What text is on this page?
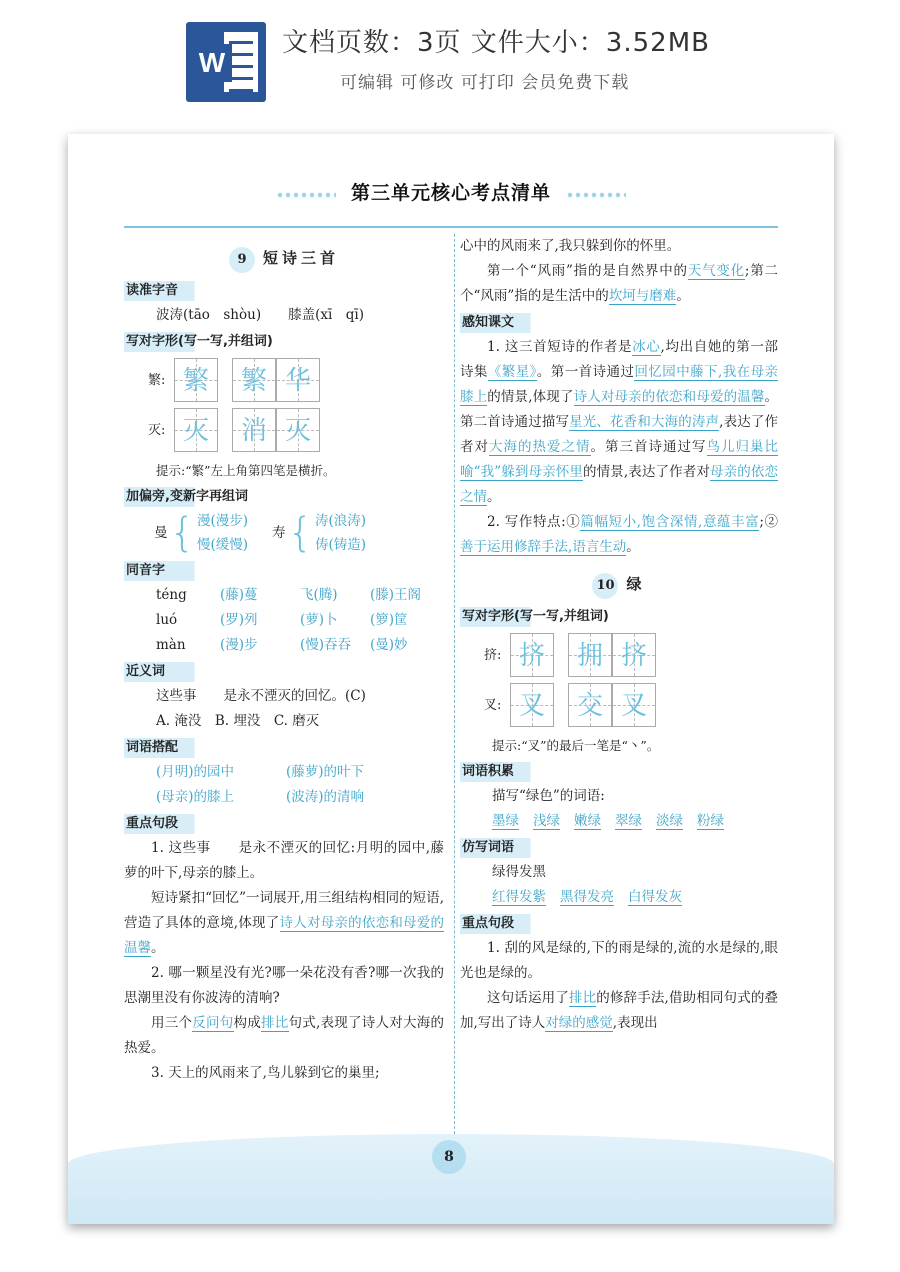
W
文档页数：3页 文件大小：3.52MB
可编辑 可修改 可打印 会员免费下载
第三单元核心考点清单
9 短诗三首
读准字音
波涛(tāo　shòu)　　膝盖(xī　qī)
写对字形(写一写,并组词)
繁: 繁	繁 华
灭: 灭	消 灭
提示:“繁”左上角第四笔是横折。
加偏旁,变新字再组词
曼 { 漫(漫步)
慢(缓慢)
寿 { 涛(浪涛)
俦(铸造)
同音字
téng	(藤)蔓	飞(腾)	(滕)王阁
luó	(罗)列	(萝)卜	(箩)筐
màn	(漫)步	(慢)吞吞	(曼)妙
近义词
这些事　　是永不湮灭的回忆。(C)
A. 淹没　B. 埋没　C. 磨灭
词语搭配
(月明)的园中	(藤萝)的叶下
(母亲)的膝上	(波涛)的清响
重点句段
1. 这些事　　是永不湮灭的回忆:月明的园中,藤萝的叶下,母亲的膝上。
短诗紧扣“回忆”一词展开,用三组结构相同的短语,营造了具体的意境,体现了诗人对母亲的依恋和母爱的温馨。
2. 哪一颗星没有光?哪一朵花没有香?哪一次我的思潮里没有你波涛的清响?
用三个反问句构成排比句式,表现了诗人对大海的热爱。
3. 天上的风雨来了,鸟儿躲到它的巢里;
心中的风雨来了,我只躲到你的怀里。
第一个“风雨”指的是自然界中的天气变化;第二个“风雨”指的是生活中的坎坷与磨难。
感知课文
1. 这三首短诗的作者是冰心,均出自她的第一部诗集《繁星》。第一首诗通过回忆园中藤下,我在母亲膝上的情景,体现了诗人对母亲的依恋和母爱的温馨。第二首诗通过描写星光、花香和大海的涛声,表达了作者对大海的热爱之情。第三首诗通过写鸟儿归巢比喻“我”躲到母亲怀里的情景,表达了作者对母亲的依恋之情。
2. 写作特点:①篇幅短小,饱含深情,意蕴丰富;②善于运用修辞手法,语言生动。
10 绿
写对字形(写一写,并组词)
挤: 挤	拥 挤
叉: 叉	交 叉
提示:“叉”的最后一笔是“丶”。
词语积累
描写“绿色”的词语:
墨绿 浅绿 嫩绿 翠绿 淡绿 粉绿
仿写词语
绿得发黑
红得发紫 黑得发亮 白得发灰
重点句段
1. 刮的风是绿的,下的雨是绿的,流的水是绿的,眼光也是绿的。
这句话运用了排比的修辞手法,借助相同句式的叠加,写出了诗人对绿的感觉,表现出
8
